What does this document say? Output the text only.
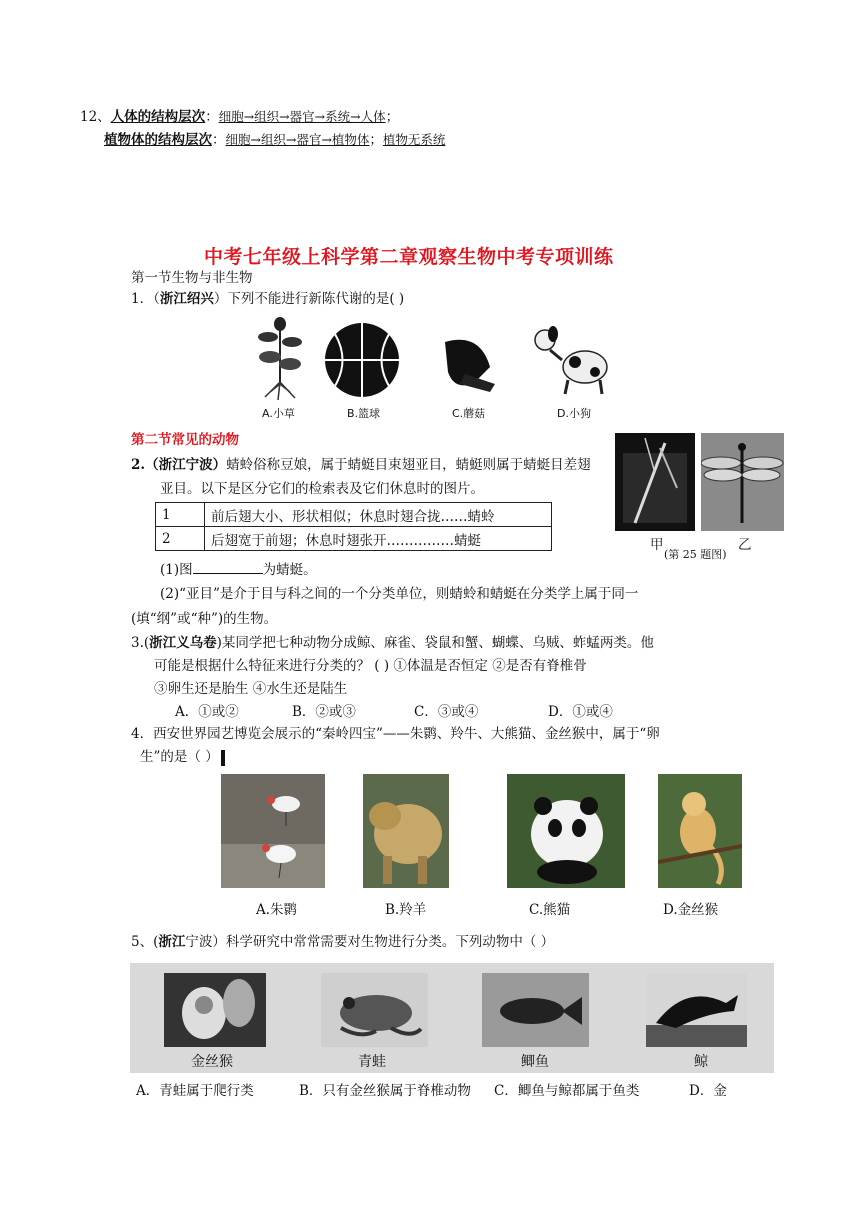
12、人体的结构层次：细胞→组织→器官→系统→人体；
植物体的结构层次：细胞→组织→器官→植物体；植物无系统
中考七年级上科学第二章观察生物中考专项训练
第一节生物与非生物
1．（浙江绍兴）下列不能进行新陈代谢的是( )
A.小草	B.篮球	C.蘑菇	D.小狗
第二节常见的动物
2.（浙江宁波）蜻蛉俗称豆娘，属于蜻蜓目束翅亚目，蜻蜓则属于蜻蜓目差翅
亚目。以下是区分它们的检索表及它们休息时的图片。
1	前后翅大小、形状相似；休息时翅合拢……蜻蛉
2	后翅宽于前翅；休息时翅张开……………蜻蜓	甲	乙
(第 25 题图)
(1)图	为蜻蜓。
(2)“亚目”是介于目与科之间的一个分类单位，则蜻蛉和蜻蜓在分类学上属于同一
(填“纲”或“种”)的生物。
3.(浙江义乌卷)某同学把七种动物分成鲸、麻雀、袋鼠和蟹、蝴蝶、乌贼、蚱蜢两类。他
可能是根据什么特征来进行分类的？ ( ) ①体温是否恒定 ②是否有脊椎骨
③卵生还是胎生 ④水生还是陆生
A．①或②	B．②或③	C．③或④	D．①或④
4．西安世界园艺博览会展示的“秦岭四宝”——朱鹮、羚牛、大熊猫、金丝猴中，属于“卵
生”的是（ ）
A.朱鹮	B.羚羊	C.熊猫	D.金丝猴
5、(浙江宁波）科学研究中常常需要对生物进行分类。下列动物中（ ）
金丝猴	青蛙	鲫鱼	鲸
A．青蛙属于爬行类	B．只有金丝猴属于脊椎动物 C．鲫鱼与鲸都属于鱼类	D．金
